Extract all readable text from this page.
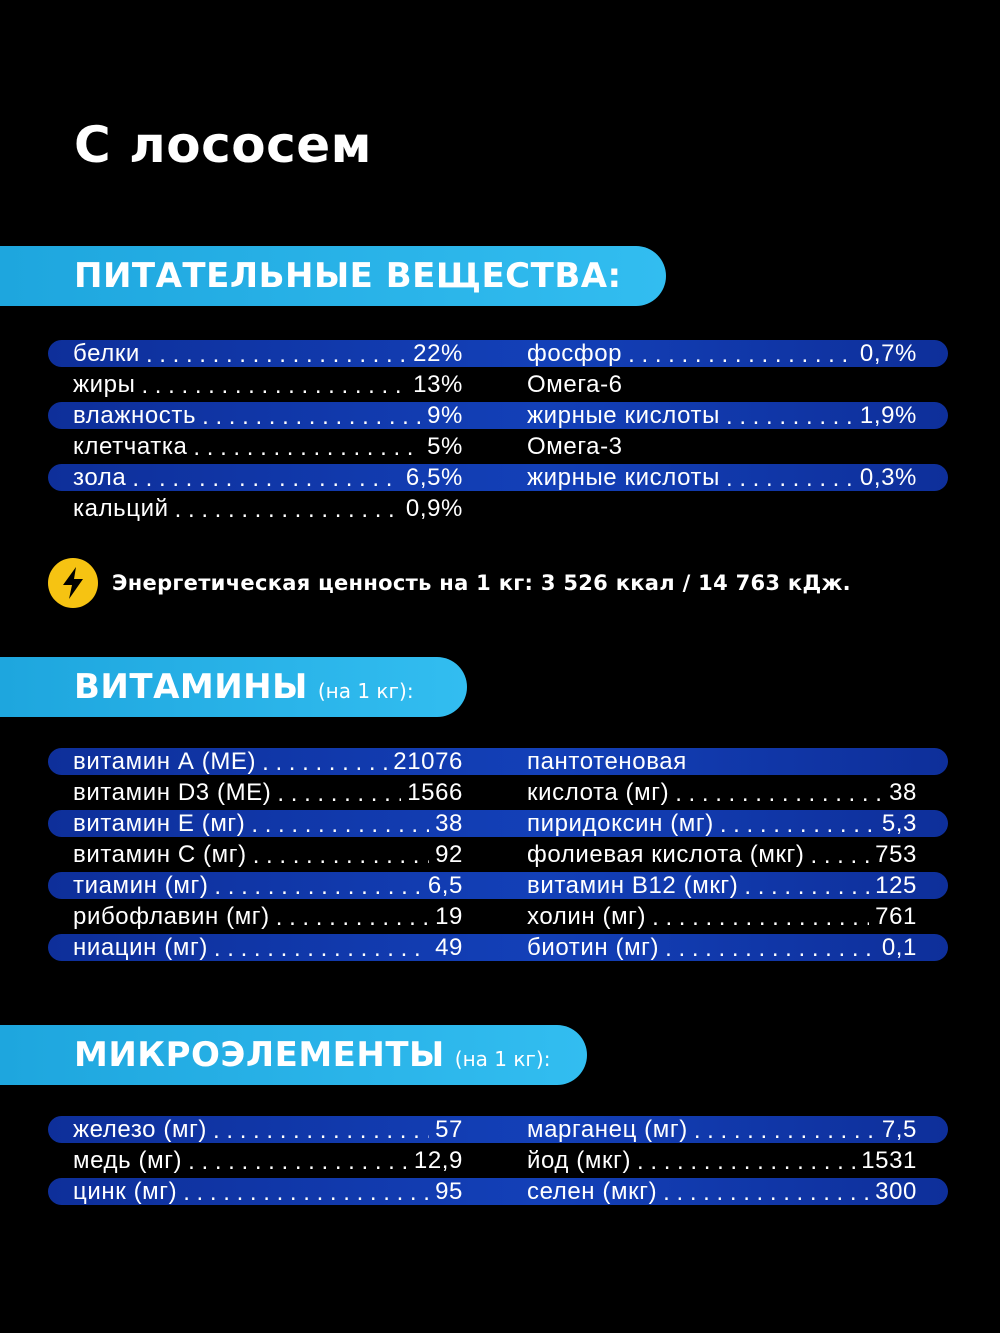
С лососем
ПИТАТЕЛЬНЫЕ ВЕЩЕСТВА:
белки . . .	22%	фосфор . . .	0,7%
жиры . . .	13%	Омега-6
влажность . . .	9%	жирные кислоты . . .	1,9%
клетчатка . . .	5%	Омега-3
зола . . .	6,5%	жирные кислоты . . .	0,3%
кальций . . .	0,9%
Энергетическая ценность на 1 кг: 3 526 ккал / 14 763 кДж.
ВИТАМИНЫ (на 1 кг):
витамин А (МЕ) . . .	21076	пантотеновая
витамин D3 (МЕ) . . .	1566	кислота (мг) . . .	38
витамин Е (мг) . . .	38	пиридоксин (мг) . . .	5,3
витамин С (мг) . . .	92	фолиевая кислота (мкг) . . .	753
тиамин (мг) . . .	6,5	витамин В12 (мкг) . . .	125
рибофлавин (мг) . . .	19	холин (мг) . . .	761
ниацин (мг) . . .	49	биотин (мг) . . .	0,1
МИКРОЭЛЕМЕНТЫ (на 1 кг):
железо (мг) . . .	57	марганец (мг) . . .	7,5
медь (мг) . . .	12,9	йод (мкг) . . .	1531
цинк (мг) . . .	95	селен (мкг) . . .	300
